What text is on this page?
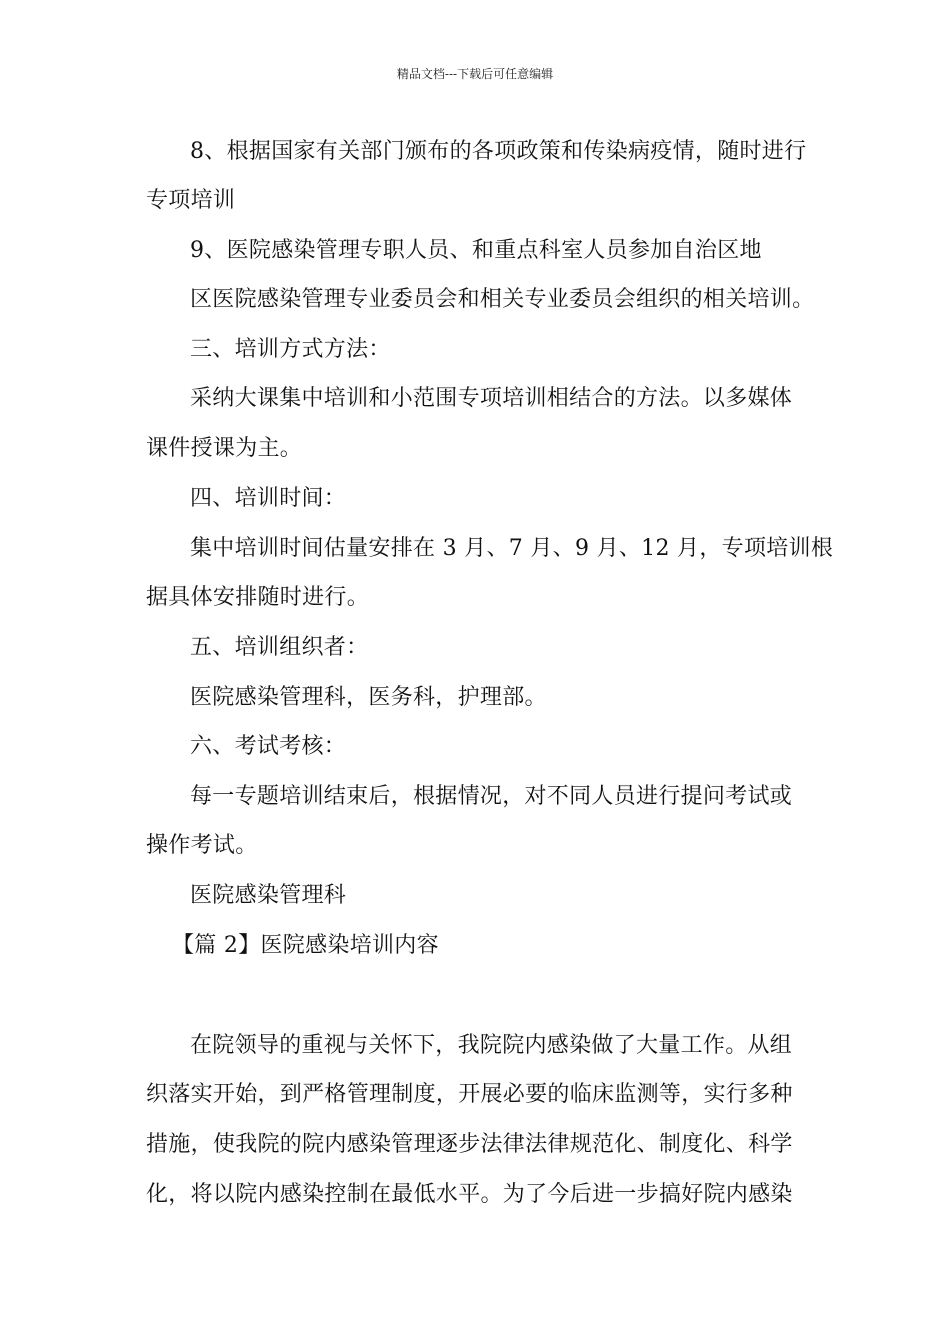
精品文档---下载后可任意编辑
8、根据国家有关部门颁布的各项政策和传染病疫情，随时进行
专项培训
9、医院感染管理专职人员、和重点科室人员参加自治区地
区医院感染管理专业委员会和相关专业委员会组织的相关培训。
三、培训方式方法：
采纳大课集中培训和小范围专项培训相结合的方法。以多媒体
课件授课为主。
四、培训时间：
集中培训时间估量安排在 3 月、7 月、9 月、12 月，专项培训根
据具体安排随时进行。
五、培训组织者：
医院感染管理科，医务科，护理部。
六、考试考核：
每一专题培训结束后，根据情况，对不同人员进行提问考试或
操作考试。
医院感染管理科
【篇 2】医院感染培训内容
在院领导的重视与关怀下，我院院内感染做了大量工作。从组
织落实开始，到严格管理制度，开展必要的临床监测等，实行多种
措施，使我院的院内感染管理逐步法律法律规范化、制度化、科学
化，将以院内感染控制在最低水平。为了今后进一步搞好院内感染
